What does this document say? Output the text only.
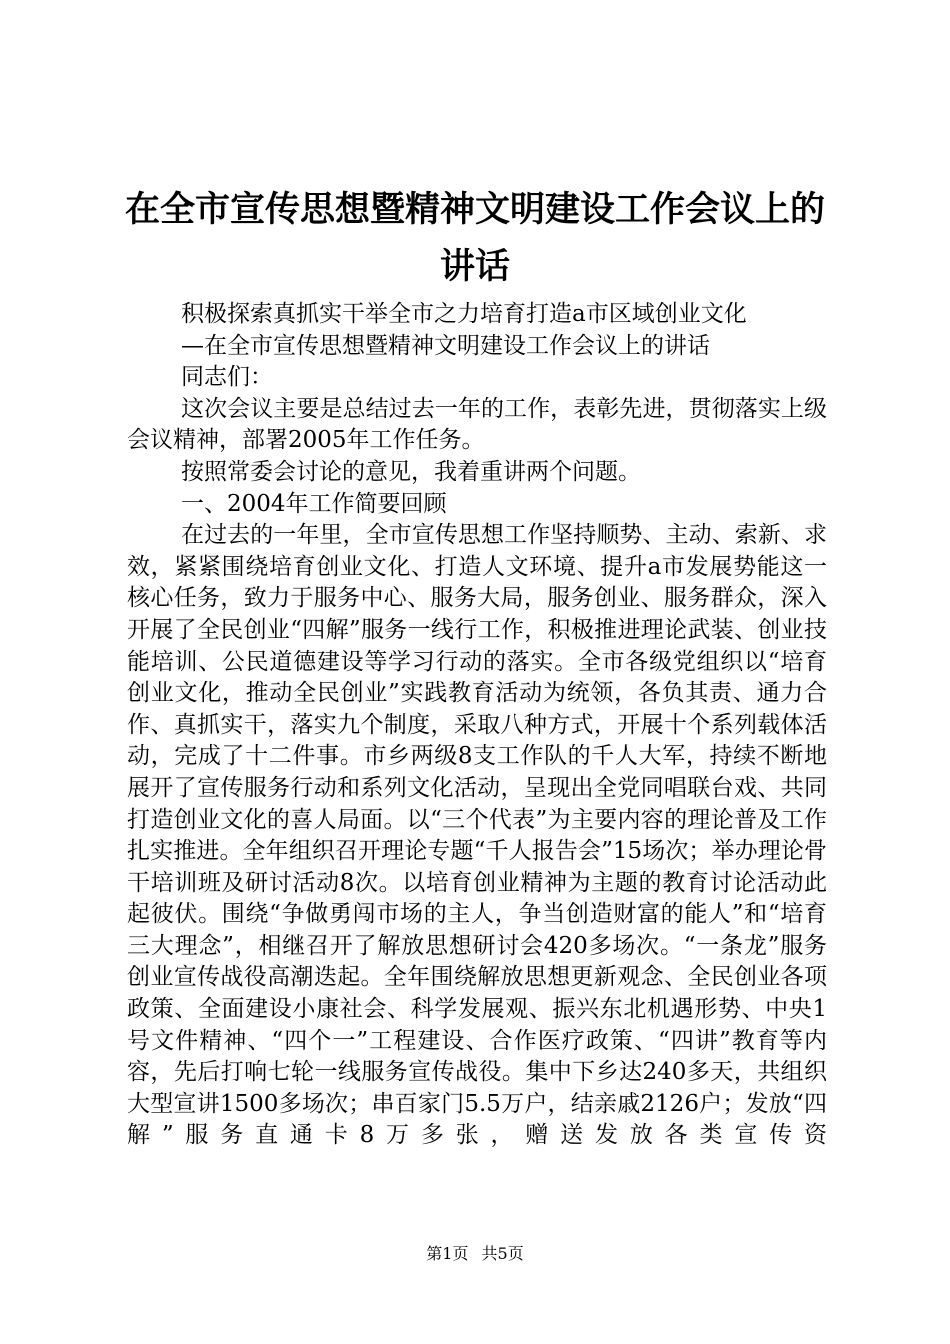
在全市宣传思想暨精神文明建设工作会议上的
讲话

积极探索真抓实干举全市之力培育打造a市区域创业文化

—在全市宣传思想暨精神文明建设工作会议上的讲话

同志们：

这次会议主要是总结过去一年的工作，表彰先进，贯彻落实上级会议精神，部署2005年工作任务。

按照常委会讨论的意见，我着重讲两个问题。

一、2004年工作简要回顾

在过去的一年里，全市宣传思想工作坚持顺势、主动、索新、求效，紧紧围绕培育创业文化、打造人文环境、提升a市发展势能这一核心任务，致力于服务中心、服务大局，服务创业、服务群众，深入开展了全民创业“四解”服务一线行工作，积极推进理论武装、创业技能培训、公民道德建设等学习行动的落实。全市各级党组织以“培育创业文化，推动全民创业”实践教育活动为统领，各负其责、通力合作、真抓实干，落实九个制度，采取八种方式，开展十个系列载体活动，完成了十二件事。市乡两级8支工作队的千人大军，持续不断地展开了宣传服务行动和系列文化活动，呈现出全党同唱联台戏、共同打造创业文化的喜人局面。以“三个代表”为主要内容的理论普及工作扎实推进。全年组织召开理论专题“千人报告会”15场次；举办理论骨干培训班及研讨活动8次。以培育创业精神为主题的教育讨论活动此起彼伏。围绕“争做勇闯市场的主人，争当创造财富的能人”和“培育三大理念”，相继召开了解放思想研讨会420多场次。“一条龙”服务创业宣传战役高潮迭起。全年围绕解放思想更新观念、全民创业各项政策、全面建设小康社会、科学发展观、振兴东北机遇形势、中央1号文件精神、“四个一”工程建设、合作医疗政策、“四讲”教育等内容，先后打响七轮一线服务宣传战役。集中下乡达240多天，共组织大型宣讲1500多场次；串百家门5.5万户，结亲戚2126户；发放“四解”服务直通卡8万多张，赠送发放各类宣传资

第1页 共5页
